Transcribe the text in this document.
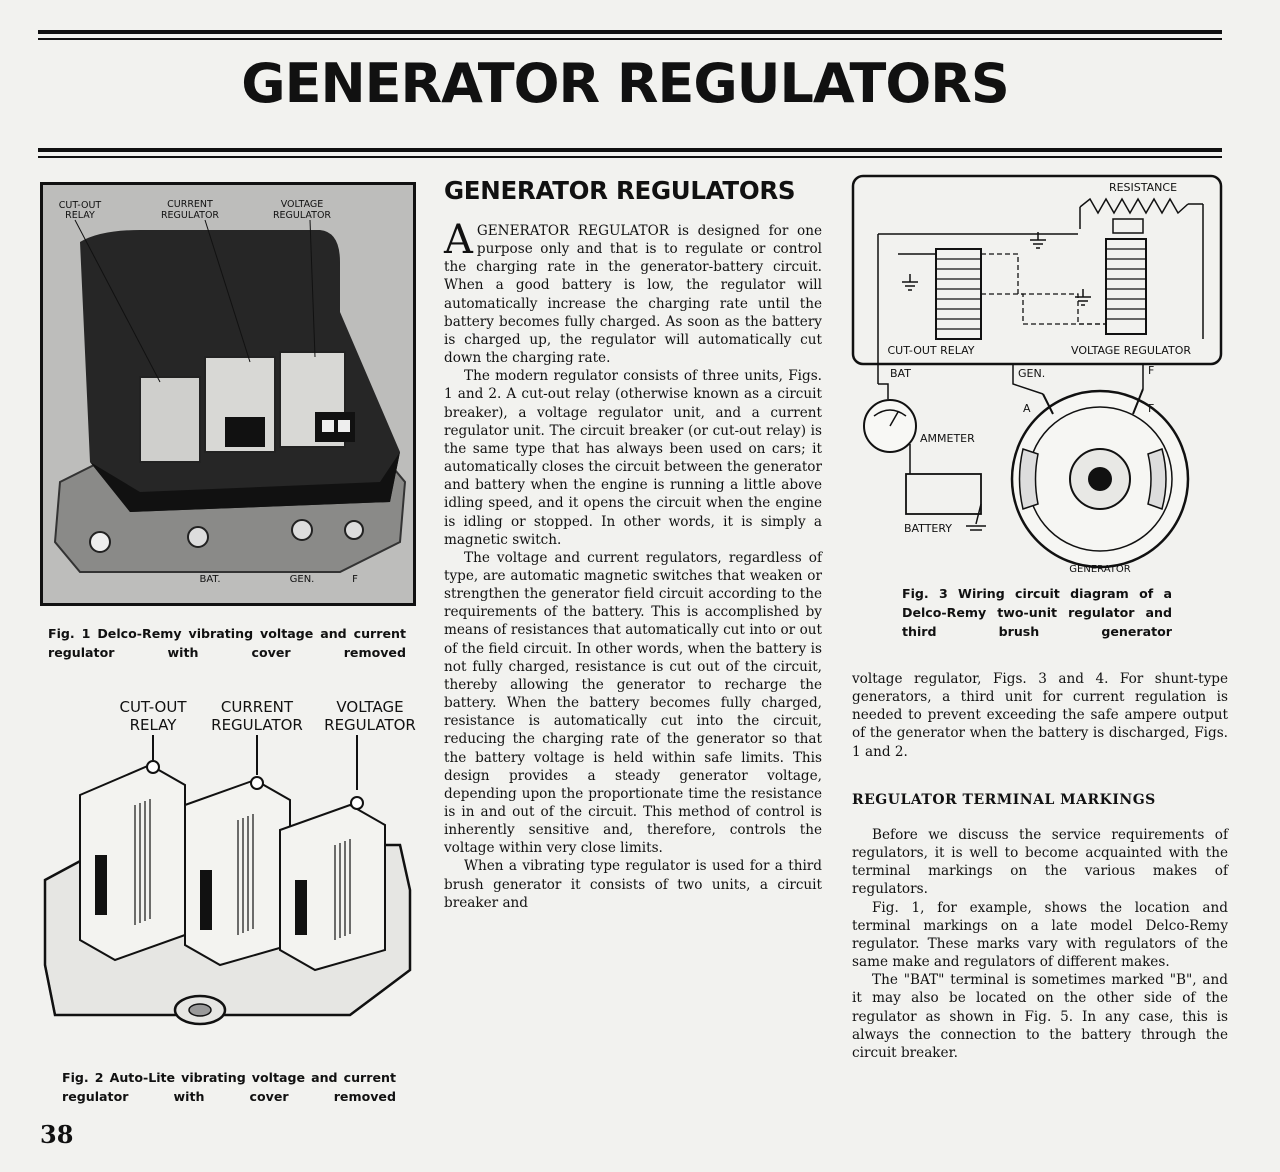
GENERATOR REGULATORS
CUT-OUT
RELAY
CURRENT
REGULATOR
VOLTAGE
REGULATOR
BAT.	GEN.	F
Fig. 1 Delco-Remy vibrating voltage and current regulator with cover removed
CUT-OUT
RELAY
CURRENT
REGULATOR
VOLTAGE
REGULATOR
Fig. 2 Auto-Lite vibrating voltage and current regulator with cover removed
RESISTANCE
CUT-OUT RELAY	VOLTAGE REGULATOR
BAT	GEN.	F
AMMETER
BATTERY
A	F
GENERATOR
Fig. 3 Wiring circuit diagram of a Delco-Remy two-unit regulator and third brush generator
GENERATOR REGULATORS

AGENERATOR REGULATOR is designed for one purpose only and that is to regulate or control the charging rate in the generator-battery circuit. When a good battery is low, the regulator will automatically increase the charging rate until the battery becomes fully charged. As soon as the battery is charged up, the regulator will automatically cut down the charging rate.

The modern regulator consists of three units, Figs. 1 and 2. A cut-out relay (otherwise known as a circuit breaker), a voltage regulator unit, and a current regulator unit. The circuit breaker (or cut-out relay) is the same type that has always been used on cars; it automatically closes the circuit between the generator and battery when the engine is running a little above idling speed, and it opens the circuit when the engine is idling or stopped. In other words, it is simply a magnetic switch.

The voltage and current regulators, regardless of type, are automatic magnetic switches that weaken or strengthen the generator field circuit according to the requirements of the battery. This is accomplished by means of resistances that automatically cut into or out of the field circuit. In other words, when the battery is not fully charged, resistance is cut out of the circuit, thereby allowing the generator to recharge the battery. When the battery becomes fully charged, resistance is automatically cut into the circuit, reducing the charging rate of the generator so that the battery voltage is held within safe limits. This design provides a steady generator voltage, depending upon the proportionate time the resistance is in and out of the circuit. This method of control is inherently sensitive and, therefore, controls the voltage within very close limits.

When a vibrating type regulator is used for a third brush generator it consists of two units, a circuit breaker and

voltage regulator, Figs. 3 and 4. For shunt-type generators, a third unit for current regulation is needed to prevent exceeding the safe ampere output of the generator when the battery is discharged, Figs. 1 and 2.

REGULATOR TERMINAL MARKINGS

Before we discuss the service requirements of regulators, it is well to become acquainted with the terminal markings on the various makes of regulators.

Fig. 1, for example, shows the location and terminal markings on a late model Delco-Remy regulator. These marks vary with regulators of the same make and regulators of different makes.

The "BAT" terminal is sometimes marked "B", and it may also be located on the other side of the regulator as shown in Fig. 5. In any case, this is always the connection to the battery through the circuit breaker.

38
